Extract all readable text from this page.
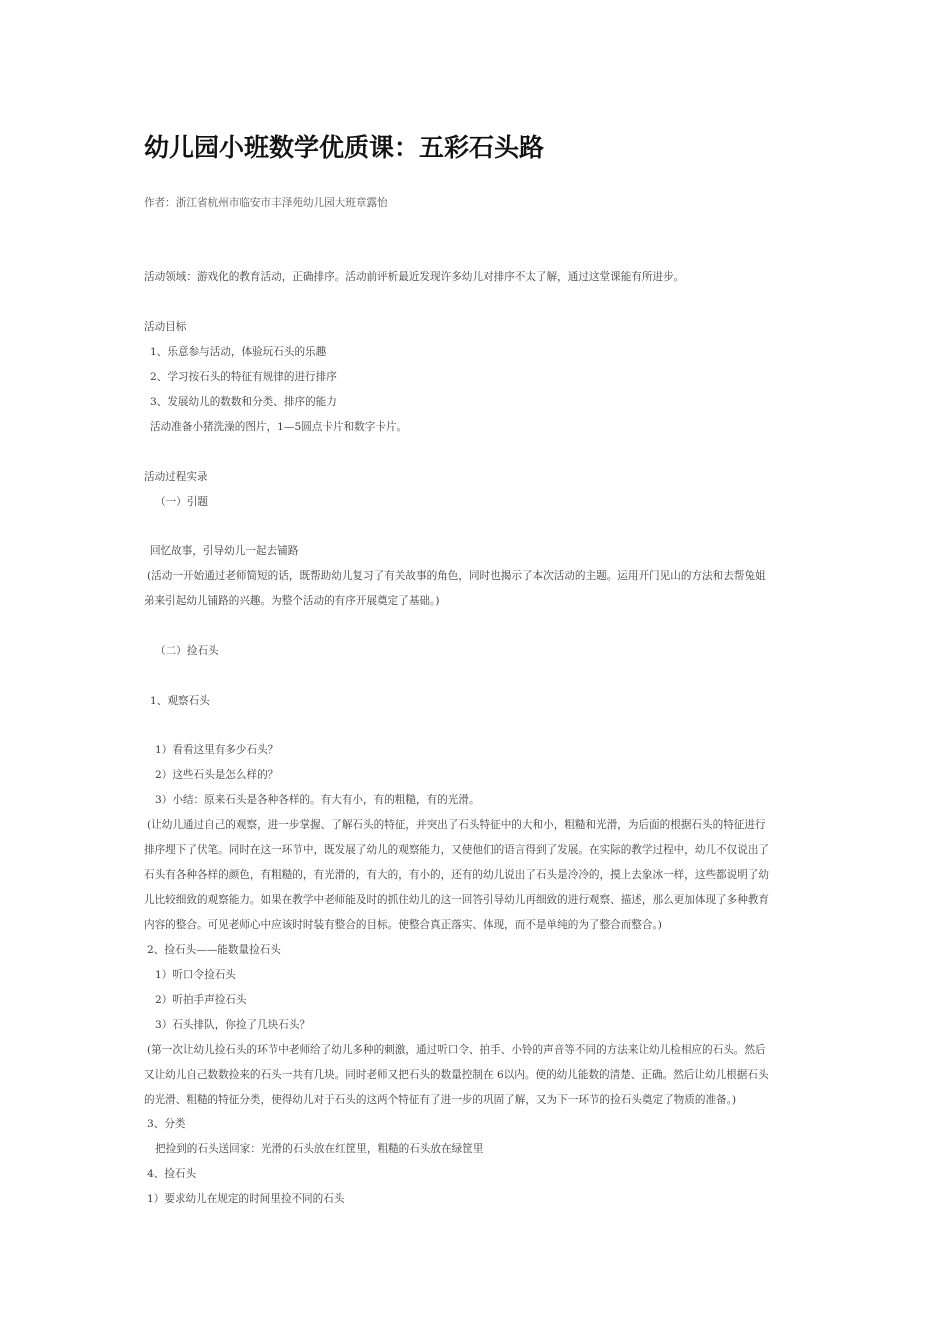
幼儿园小班数学优质课：五彩石头路
作者：浙江省杭州市临安市丰泽苑幼儿园大班章露怡
活动领域：游戏化的教育活动，正确排序。活动前评析最近发现许多幼儿对排序不太了解，通过这堂课能有所进步。
活动目标
1、乐意参与活动，体验玩石头的乐趣
2、学习按石头的特征有规律的进行排序
3、发展幼儿的数数和分类、排序的能力
活动准备小猪洗澡的图片，1—5圆点卡片和数字卡片。
活动过程实录
（一）引题
回忆故事，引导幼儿一起去铺路
(活动一开始通过老师简短的话，既帮助幼儿复习了有关故事的角色，同时也揭示了本次活动的主题。运用开门见山的方法和去帮兔姐
弟来引起幼儿铺路的兴趣。为整个活动的有序开展奠定了基础。)
（二）捡石头
1、观察石头
1）看看这里有多少石头？
2）这些石头是怎么样的？
3）小结：原来石头是各种各样的。有大有小，有的粗糙，有的光滑。
(让幼儿通过自己的观察，进一步掌握、了解石头的特征，并突出了石头特征中的大和小，粗糙和光滑，为后面的根据石头的特征进行
排序埋下了伏笔。同时在这一环节中，既发展了幼儿的观察能力，又使他们的语言得到了发展。在实际的教学过程中，幼儿不仅说出了
石头有各种各样的颜色，有粗糙的，有光滑的，有大的，有小的，还有的幼儿说出了石头是冷冷的，摸上去象冰一样，这些都说明了幼
儿比较细致的观察能力。如果在教学中老师能及时的抓住幼儿的这一回答引导幼儿再细致的进行观察、描述，那么更加体现了多种教育
内容的整合。可见老师心中应该时时装有整合的目标。使整合真正落实、体现，而不是单纯的为了整合而整合。)
2、捡石头——能数量捡石头
1）听口令捡石头
2）听拍手声捡石头
3）石头排队，你捡了几块石头？
(第一次让幼儿捡石头的环节中老师给了幼儿多种的刺激，通过听口令、拍手、小铃的声音等不同的方法来让幼儿检相应的石头。然后
又让幼儿自己数数捡来的石头一共有几块。同时老师又把石头的数量控制在 6以内。使的幼儿能数的清楚、正确。然后让幼儿根据石头
的光滑、粗糙的特征分类，使得幼儿对于石头的这两个特征有了进一步的巩固了解，又为下一环节的捡石头奠定了物质的准备。)
3、分类
把捡到的石头送回家：光滑的石头放在红筐里，粗糙的石头放在绿筐里
4、捡石头
1）要求幼儿在规定的时间里捡不同的石头
